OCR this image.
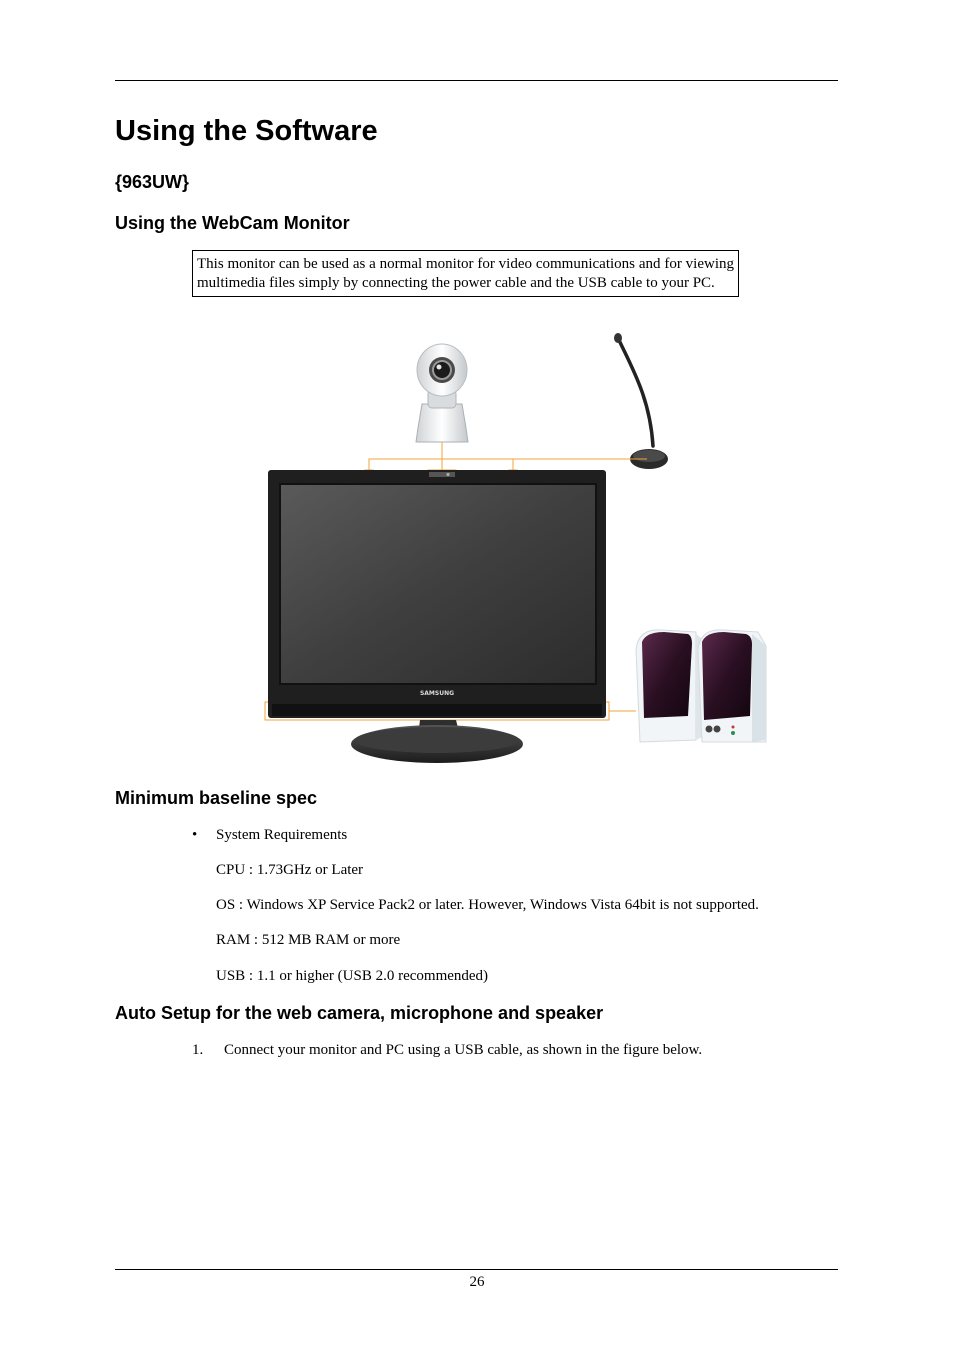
Using the Software
{963UW}
Using the WebCam Monitor
This monitor can be used as a normal monitor for video communications and for viewing multimedia files simply by connecting the power cable and the USB cable to your PC.
SAMSUNG
Minimum baseline spec
• System Requirements
CPU : 1.73GHz or Later
OS : Windows XP Service Pack2 or later. However, Windows Vista 64bit is not supported.
RAM : 512 MB RAM or more
USB : 1.1 or higher (USB 2.0 recommended)
Auto Setup for the web camera, microphone and speaker
1. Connect your monitor and PC using a USB cable, as shown in the figure below.
26
